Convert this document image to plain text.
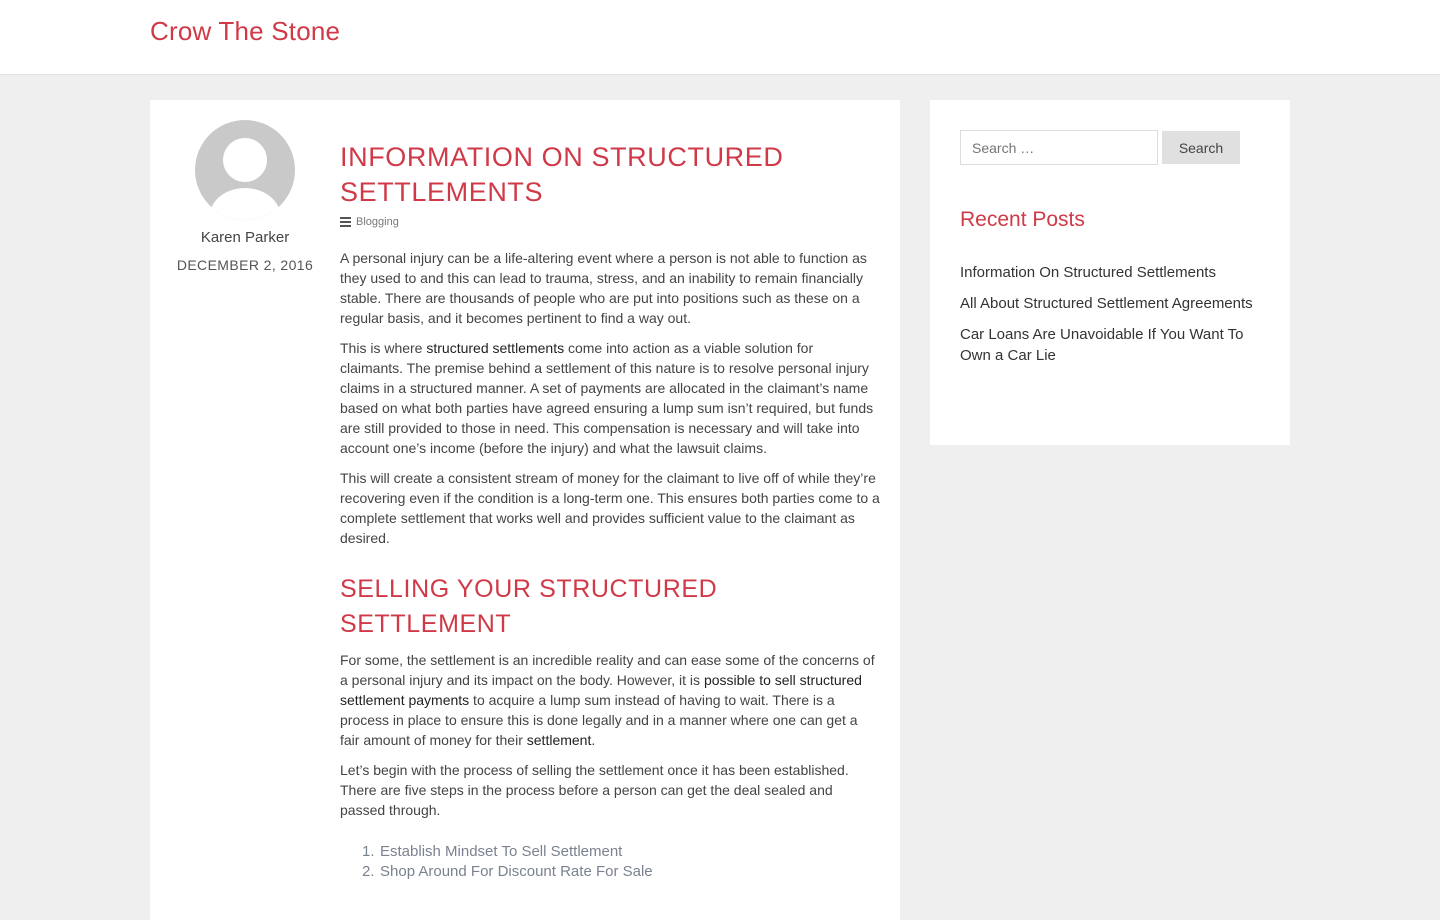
Crow The Stone
Karen Parker
DECEMBER 2, 2016
INFORMATION ON STRUCTURED SETTLEMENTS
Blogging

A personal injury can be a life-altering event where a person is not able to function as they used to and this can lead to trauma, stress, and an inability to remain financially stable. There are thousands of people who are put into positions such as these on a regular basis, and it becomes pertinent to find a way out.

This is where structured settlements come into action as a viable solution for claimants. The premise behind a settlement of this nature is to resolve personal injury claims in a structured manner. A set of payments are allocated in the claimant’s name based on what both parties have agreed ensuring a lump sum isn’t required, but funds are still provided to those in need. This compensation is necessary and will take into account one’s income (before the injury) and what the lawsuit claims.

This will create a consistent stream of money for the claimant to live off of while they’re recovering even if the condition is a long-term one. This ensures both parties come to a complete settlement that works well and provides sufficient value to the claimant as desired.

SELLING YOUR STRUCTURED SETTLEMENT

For some, the settlement is an incredible reality and can ease some of the concerns of a personal injury and its impact on the body. However, it is possible to sell structured settlement payments to acquire a lump sum instead of having to wait. There is a process in place to ensure this is done legally and in a manner where one can get a fair amount of money for their settlement.

Let’s begin with the process of selling the settlement once it has been established. There are five steps in the process before a person can get the deal sealed and passed through.

1. Establish Mindset To Sell Settlement
2. Shop Around For Discount Rate For Sale
Search …
Search
Recent Posts
Information On Structured Settlements
All About Structured Settlement Agreements
Car Loans Are Unavoidable If You Want To Own a Car Lie
